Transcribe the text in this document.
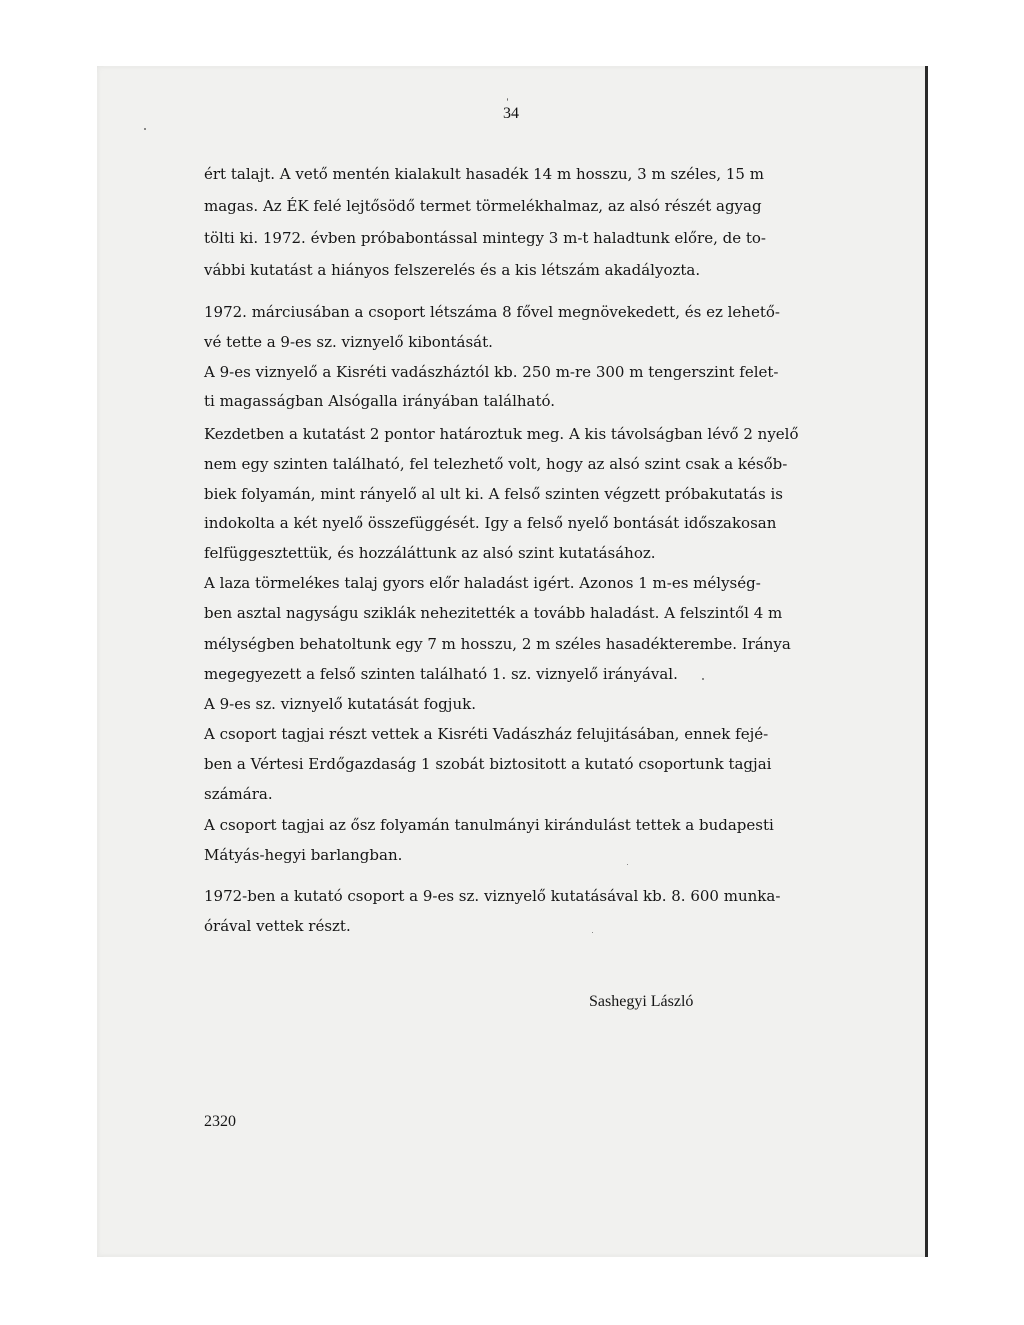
34
ért talajt. A vető mentén kialakult hasadék 14 m hosszu, 3 m széles, 15 m
magas. Az ÉK felé lejtősödő termet törmelékhalmaz, az alsó részét agyag
tölti ki. 1972. évben próbabontással mintegy 3 m-t haladtunk előre, de to-
vábbi kutatást a hiányos felszerelés és a kis létszám akadályozta.
1972. márciusában a csoport létszáma 8 fővel megnövekedett, és ez lehető-
vé tette a 9-es sz. viznyelő kibontását.
A 9-es viznyelő a Kisréti vadászháztól kb. 250 m-re 300 m tengerszint felet-
ti magasságban Alsógalla irányában található.
Kezdetben a kutatást 2 pontor határoztuk meg. A kis távolságban lévő 2 nyelő
nem egy szinten található, fel telezhető volt, hogy az alsó szint csak a későb-
biek folyamán, mint rányelő al ult ki. A felső szinten végzett próbakutatás is
indokolta a két nyelő összefüggését. Igy a felső nyelő bontását időszakosan
felfüggesztettük, és hozzáláttunk az alsó szint kutatásához.
A laza törmelékes talaj gyors előr haladást igért. Azonos 1 m-es mélység-
ben asztal nagyságu sziklák nehezitették a tovább haladást. A felszintől 4 m
mélységben behatoltunk egy 7 m hosszu, 2 m széles hasadékterembe. Iránya
megegyezett a felső szinten található 1. sz. viznyelő irányával.
A 9-es sz. viznyelő kutatását fogjuk.
A csoport tagjai részt vettek a Kisréti Vadászház felujitásában, ennek fejé-
ben a Vértesi Erdőgazdaság 1 szobát biztositott a kutató csoportunk tagjai
számára.
A csoport tagjai az ősz folyamán tanulmányi kirándulást tettek a budapesti
Mátyás-hegyi barlangban.
1972-ben a kutató csoport a 9-es sz. viznyelő kutatásával kb. 8. 600 munka-
órával vettek részt.
Sashegyi László
2320
